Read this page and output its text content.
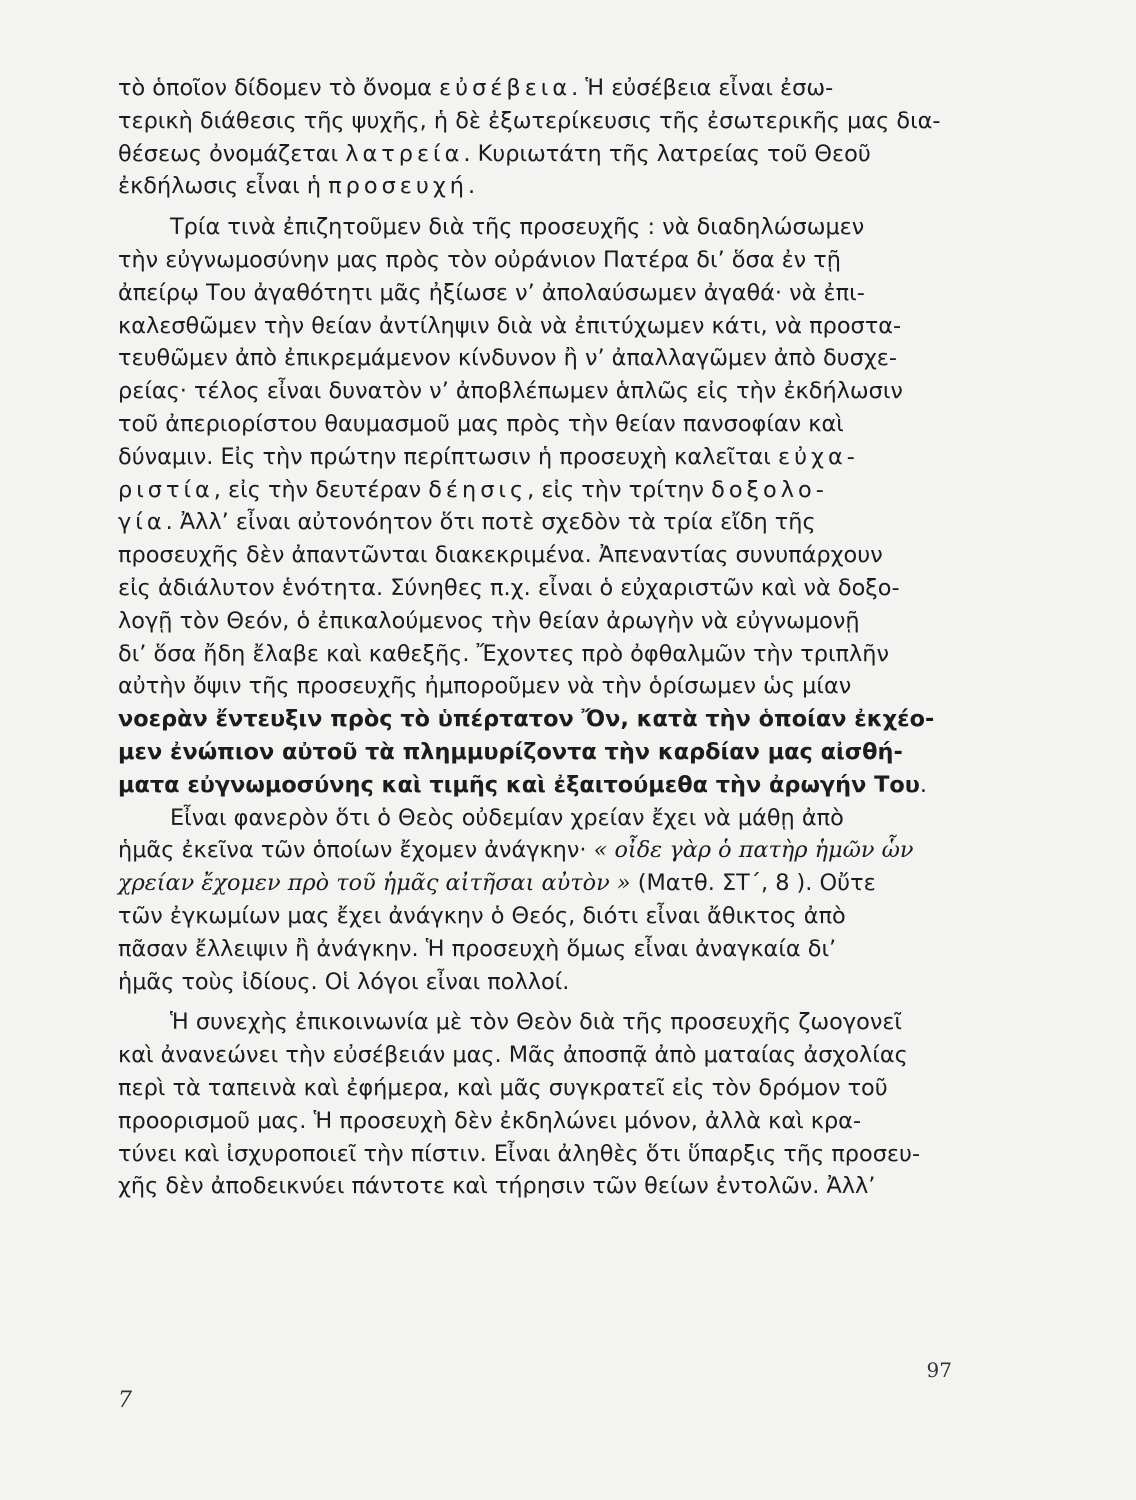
τὸ ὁποῖον δίδομεν τὸ ὄνομα εὐσέβεια. Ἡ εὐσέβεια εἶναι ἐσω-
τερικὴ διάθεσις τῆς ψυχῆς, ἡ δὲ ἐξωτερίκευσις τῆς ἐσωτερικῆς μας δια-
θέσεως ὀνομάζεται λατρεία. Κυριωτάτη τῆς λατρείας τοῦ Θεοῦ
ἐκδήλωσις εἶναι ἡ προσευχή.
Τρία τινὰ ἐπιζητοῦμεν διὰ τῆς προσευχῆς : νὰ διαδηλώσωμεν
τὴν εὐγνωμοσύνην μας πρὸς τὸν οὐράνιον Πατέρα δι’ ὅσα ἐν τῇ
ἀπείρῳ Του ἀγαθότητι μᾶς ἠξίωσε ν’ ἀπολαύσωμεν ἀγαθά· νὰ ἐπι-
καλεσθῶμεν τὴν θείαν ἀντίληψιν διὰ νὰ ἐπιτύχωμεν κάτι, νὰ προστα-
τευθῶμεν ἀπὸ ἐπικρεμάμενον κίνδυνον ἢ ν’ ἀπαλλαγῶμεν ἀπὸ δυσχε-
ρείας· τέλος εἶναι δυνατὸν ν’ ἀποβλέπωμεν ἁπλῶς εἰς τὴν ἐκδήλωσιν
τοῦ ἀπεριορίστου θαυμασμοῦ μας πρὸς τὴν θείαν πανσοφίαν καὶ
δύναμιν. Εἰς τὴν πρώτην περίπτωσιν ἡ προσευχὴ καλεῖται εὐχα-
ριστία, εἰς τὴν δευτέραν δέησις, εἰς τὴν τρίτην δοξολο-
γία. Ἀλλ’ εἶναι αὐτονόητον ὅτι ποτὲ σχεδὸν τὰ τρία εἴδη τῆς
προσευχῆς δὲν ἀπαντῶνται διακεκριμένα. Ἀπεναντίας συνυπάρχουν
εἰς ἀδιάλυτον ἑνότητα. Σύνηθες π.χ. εἶναι ὁ εὐχαριστῶν καὶ νὰ δοξο-
λογῇ τὸν Θεόν, ὁ ἐπικαλούμενος τὴν θείαν ἀρωγὴν νὰ εὐγνωμονῇ
δι’ ὅσα ἤδη ἔλαβε καὶ καθεξῆς. Ἔχοντες πρὸ ὀφθαλμῶν τὴν τριπλῆν
αὐτὴν ὄψιν τῆς προσευχῆς ἠμποροῦμεν νὰ τὴν ὁρίσωμεν ὡς μίαν
νοερὰν ἔντευξιν πρὸς τὸ ὑπέρτατον Ὄν, κατὰ τὴν ὁποίαν ἐκχέο-
μεν ἐνώπιον αὐτοῦ τὰ πλημμυρίζοντα τὴν καρδίαν μας αἰσθή-
ματα εὐγνωμοσύνης καὶ τιμῆς καὶ ἐξαιτούμεθα τὴν ἀρωγήν Του.
Εἶναι φανερὸν ὅτι ὁ Θεὸς οὐδεμίαν χρείαν ἔχει νὰ μάθῃ ἀπὸ
ἡμᾶς ἐκεῖνα τῶν ὁποίων ἔχομεν ἀνάγκην· « οἶδε γὰρ ὁ πατὴρ ἡμῶν ὧν
χρείαν ἔχομεν πρὸ τοῦ ἡμᾶς αἰτῆσαι αὐτὸν » (Ματθ. ΣΤ΄, 8 ). Οὔτε
τῶν ἐγκωμίων μας ἔχει ἀνάγκην ὁ Θεός, διότι εἶναι ἄθικτος ἀπὸ
πᾶσαν ἔλλειψιν ἢ ἀνάγκην. Ἡ προσευχὴ ὅμως εἶναι ἀναγκαία δι’
ἡμᾶς τοὺς ἰδίους. Οἱ λόγοι εἶναι πολλοί.
Ἡ συνεχὴς ἐπικοινωνία μὲ τὸν Θεὸν διὰ τῆς προσευχῆς ζωογονεῖ
καὶ ἀνανεώνει τὴν εὐσέβειάν μας. Μᾶς ἀποσπᾷ ἀπὸ ματαίας ἀσχολίας
περὶ τὰ ταπεινὰ καὶ ἐφήμερα, καὶ μᾶς συγκρατεῖ εἰς τὸν δρόμον τοῦ
προορισμοῦ μας. Ἡ προσευχὴ δὲν ἐκδηλώνει μόνον, ἀλλὰ καὶ κρα-
τύνει καὶ ἰσχυροποιεῖ τὴν πίστιν. Εἶναι ἀληθὲς ὅτι ὕπαρξις τῆς προσευ-
χῆς δὲν ἀποδεικνύει πάντοτε καὶ τήρησιν τῶν θείων ἐντολῶν. Ἀλλ’
97
7
